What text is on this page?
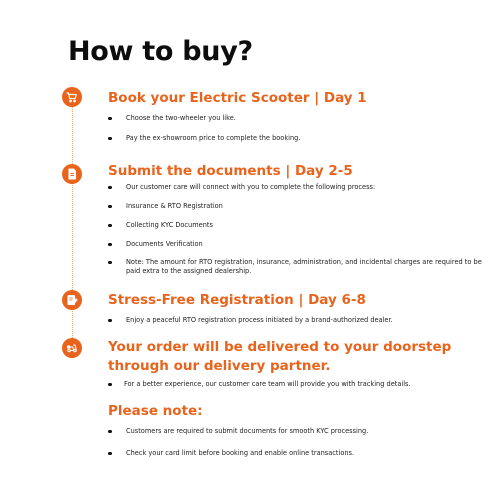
How to buy?
Book your Electric Scooter | Day 1
Choose the two-wheeler you like.
Pay the ex-showroom price to complete the booking.
Submit the documents | Day 2-5
Our customer care will connect with you to complete the following process:
Insurance & RTO Registration
Collecting KYC Documents
Documents Verification
Note: The amount for RTO registration, insurance, administration, and incidental charges are required to be paid extra to the assigned dealership.
Stress-Free Registration | Day 6-8
Enjoy a peaceful RTO registration process initiated by a brand-authorized dealer.
Your order will be delivered to your doorstep
through our delivery partner.
For a better experience, our customer care team will provide you with tracking details.
Please note:
Customers are required to submit documents for smooth KYC processing.
Check your card limit before booking and enable online transactions.
